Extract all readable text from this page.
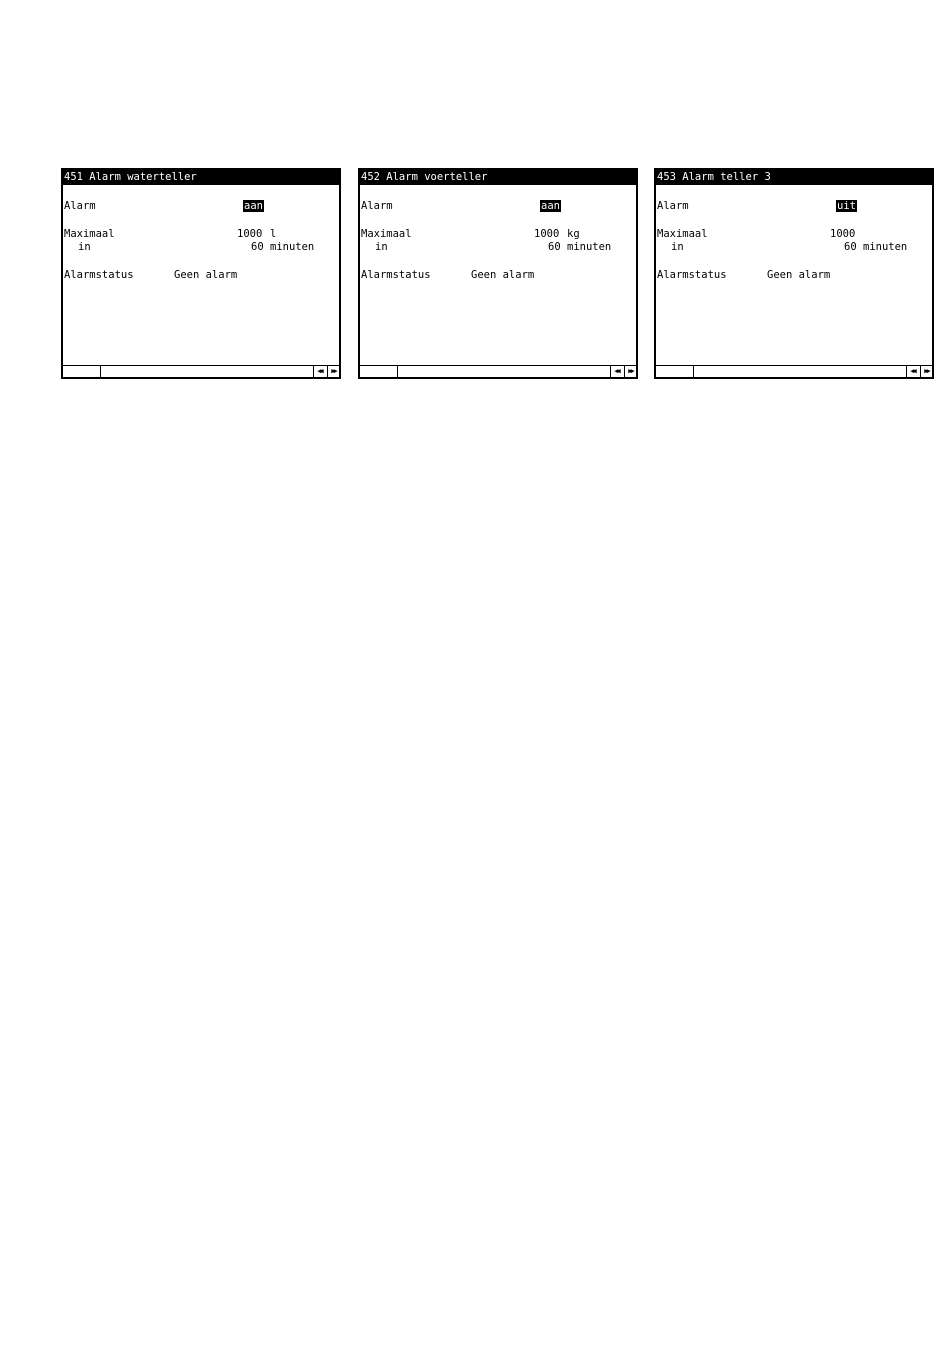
451 Alarm waterteller
Alarm	aan
Maximaal	1000 l
in	60 minuten
Alarmstatus	Geen alarm
◀◀	▶▶
452 Alarm voerteller
Alarm	aan
Maximaal	1000 kg
in	60 minuten
Alarmstatus	Geen alarm
◀◀	▶▶
453 Alarm teller 3
Alarm	uit
Maximaal	1000
in	60 minuten
Alarmstatus	Geen alarm
◀◀	▶▶
